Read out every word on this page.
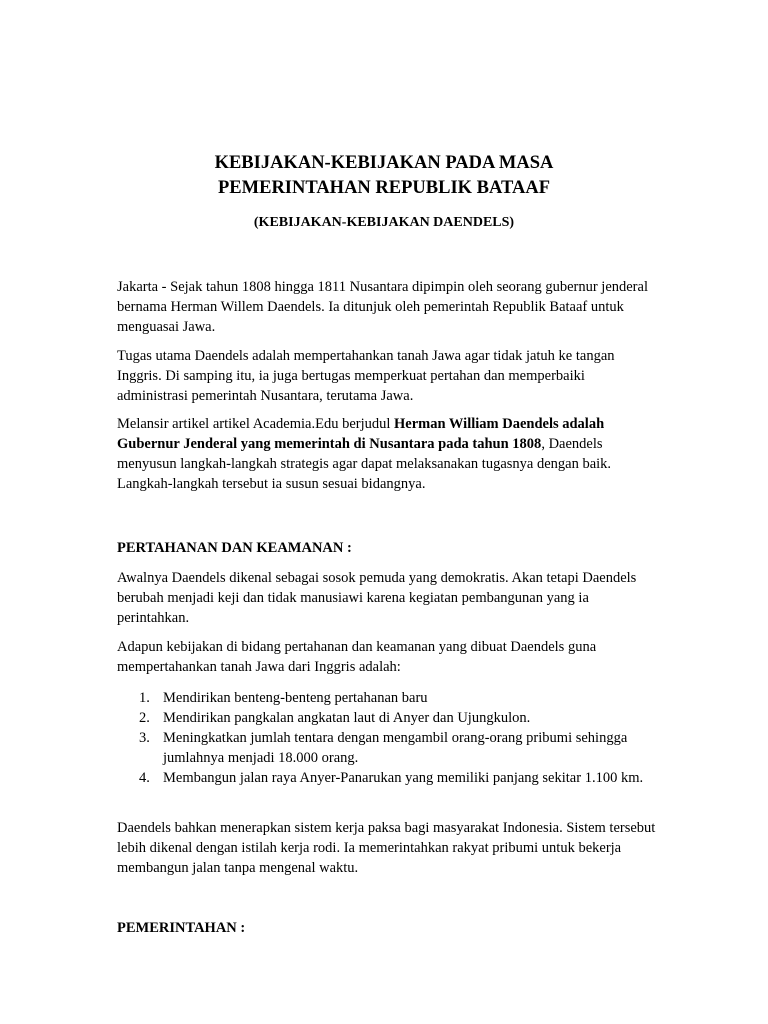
KEBIJAKAN-KEBIJAKAN PADA MASA
PEMERINTAHAN REPUBLIK BATAAF
(KEBIJAKAN-KEBIJAKAN DAENDELS)

Jakarta - Sejak tahun 1808 hingga 1811 Nusantara dipimpin oleh seorang gubernur jenderal bernama Herman Willem Daendels. Ia ditunjuk oleh pemerintah Republik Bataaf untuk menguasai Jawa.

Tugas utama Daendels adalah mempertahankan tanah Jawa agar tidak jatuh ke tangan Inggris. Di samping itu, ia juga bertugas memperkuat pertahan dan memperbaiki administrasi pemerintah Nusantara, terutama Jawa.

Melansir artikel artikel Academia.Edu berjudul Herman William Daendels adalah Gubernur Jenderal yang memerintah di Nusantara pada tahun 1808, Daendels menyusun langkah-langkah strategis agar dapat melaksanakan tugasnya dengan baik. Langkah-langkah tersebut ia susun sesuai bidangnya.

PERTAHANAN DAN KEAMANAN :

Awalnya Daendels dikenal sebagai sosok pemuda yang demokratis. Akan tetapi Daendels berubah menjadi keji dan tidak manusiawi karena kegiatan pembangunan yang ia perintahkan.

Adapun kebijakan di bidang pertahanan dan keamanan yang dibuat Daendels guna mempertahankan tanah Jawa dari Inggris adalah:

1. Mendirikan benteng-benteng pertahanan baru
2. Mendirikan pangkalan angkatan laut di Anyer dan Ujungkulon.
3. Meningkatkan jumlah tentara dengan mengambil orang-orang pribumi sehingga jumlahnya menjadi 18.000 orang.
4. Membangun jalan raya Anyer-Panarukan yang memiliki panjang sekitar 1.100 km.

Daendels bahkan menerapkan sistem kerja paksa bagi masyarakat Indonesia. Sistem tersebut lebih dikenal dengan istilah kerja rodi. Ia memerintahkan rakyat pribumi untuk bekerja membangun jalan tanpa mengenal waktu.

PEMERINTAHAN :
